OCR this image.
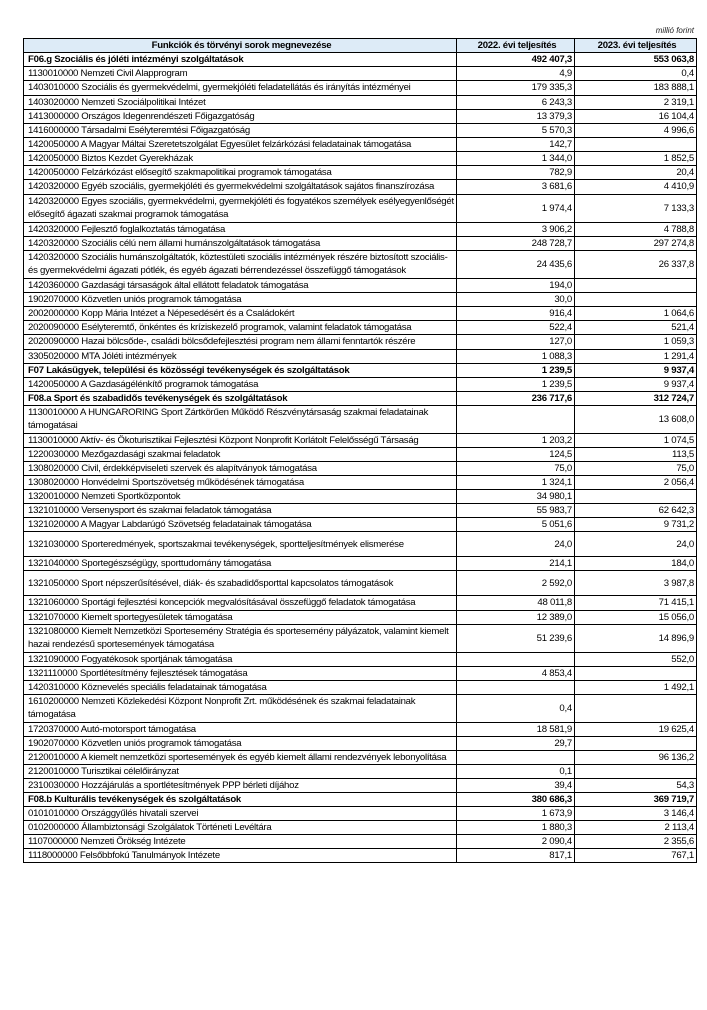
millió forint
Funkciók és törvényi sorok megnevezése	2022. évi teljesítés	2023. évi teljesítés
F06.g Szociális és jóléti intézményi szolgáltatások	492 407,3	553 063,8
1130010000 Nemzeti Civil Alapprogram	4,9	0,4
1403010000 Szociális és gyermekvédelmi, gyermekjóléti feladatellátás és irányítás intézményei	179 335,3	183 888,1
1403020000 Nemzeti Szociálpolitikai Intézet	6 243,3	2 319,1
1413000000 Országos Idegenrendészeti Főigazgatóság	13 379,3	16 104,4
1416000000 Társadalmi Esélyteremtési Főigazgatóság	5 570,3	4 996,6
1420050000 A Magyar Máltai Szeretetszolgálat Egyesület felzárkózási feladatainak támogatása	142,7	
1420050000 Biztos Kezdet Gyerekházak	1 344,0	1 852,5
1420050000 Felzárkózást elősegítő szakmapolitikai programok támogatása	782,9	20,4
1420320000 Egyéb szociális, gyermekjóléti és gyermekvédelmi szolgáltatások sajátos finanszírozása	3 681,6	4 410,9
1420320000 Egyes szociális, gyermekvédelmi, gyermekjóléti és fogyatékos személyek esélyegyenlőségét elősegítő ágazati szakmai programok támogatása	1 974,4	7 133,3
1420320000 Fejlesztő foglalkoztatás támogatása	3 906,2	4 788,8
1420320000 Szociális célú nem állami humánszolgáltatások támogatása	248 728,7	297 274,8
1420320000 Szociális humánszolgáltatók, köztestületi szociális intézmények részére biztosított szociális- és gyermekvédelmi ágazati pótlék, és egyéb ágazati bérrendezéssel összefüggő támogatások	24 435,6	26 337,8
1420360000 Gazdasági társaságok által ellátott feladatok támogatása	194,0	
1902070000 Közvetlen uniós programok támogatása	30,0	
2002000000 Kopp Mária Intézet a Népesedésért és a Családokért	916,4	1 064,6
2020090000 Esélyteremtő, önkéntes és kríziskezelő programok, valamint feladatok támogatása	522,4	521,4
2020090000 Hazai bölcsőde-, családi bölcsődefejlesztési program nem állami fenntartók részére	127,0	1 059,3
3305020000 MTA Jóléti intézmények	1 088,3	1 291,4
F07 Lakásügyek, települési és közösségi tevékenységek és szolgáltatások	1 239,5	9 937,4
1420050000 A Gazdaságélénkítő programok támogatása	1 239,5	9 937,4
F08.a Sport és szabadidős tevékenységek és szolgáltatások	236 717,6	312 724,7
1130010000 A HUNGARORING Sport Zártkörűen Működő Részvénytársaság szakmai feladatainak támogatásai		13 608,0
1130010000 Aktív- és Ökoturisztikai Fejlesztési Központ Nonprofit Korlátolt Felelősségű Társaság	1 203,2	1 074,5
1220030000 Mezőgazdasági szakmai feladatok	124,5	113,5
1308020000 Civil, érdekképviseleti szervek és alapítványok támogatása	75,0	75,0
1308020000 Honvédelmi Sportszövetség működésének támogatása	1 324,1	2 056,4
1320010000 Nemzeti Sportközpontok	34 980,1	
1321010000 Versenysport és szakmai feladatok támogatása	55 983,7	62 642,3
1321020000 A Magyar Labdarúgó Szövetség feladatainak támogatása	5 051,6	9 731,2
1321030000 Sporteredmények, sportszakmai tevékenységek, sportteljesítmények elismerése	24,0	24,0
1321040000 Sportegészségügy, sporttudomány támogatása	214,1	184,0
1321050000 Sport népszerűsítésével, diák- és szabadidősporttal kapcsolatos támogatások	2 592,0	3 987,8
1321060000 Sportági fejlesztési koncepciók megvalósításával összefüggő feladatok támogatása	48 011,8	71 415,1
1321070000 Kiemelt sportegyesületek támogatása	12 389,0	15 056,0
1321080000 Kiemelt Nemzetközi Sportesemény Stratégia és sportesemény pályázatok, valamint kiemelt hazai rendezésű sportesemények támogatása	51 239,6	14 896,9
1321090000 Fogyatékosok sportjának támogatása		552,0
1321110000 Sportlétesítmény fejlesztések támogatása	4 853,4	
1420310000 Köznevelés speciális feladatainak támogatása		1 492,1
1610200000 Nemzeti Közlekedési Központ Nonprofit Zrt. működésének és szakmai feladatainak támogatása	0,4	
1720370000 Autó-motorsport támogatása	18 581,9	19 625,4
1902070000 Közvetlen uniós programok támogatása	29,7	
2120010000 A kiemelt nemzetközi sportesemények és egyéb kiemelt állami rendezvények lebonyolítása		96 136,2
2120010000 Turisztikai célelőirányzat	0,1	
2310030000 Hozzájárulás a sportlétesítmények PPP bérleti díjához	39,4	54,3
F08.b Kulturális tevékenységek és szolgáltatások	380 686,3	369 719,7
0101010000 Országgyűlés hivatali szervei	1 673,9	3 146,4
0102000000 Állambiztonsági Szolgálatok Történeti Levéltára	1 880,3	2 113,4
1107000000 Nemzeti Örökség Intézete	2 090,4	2 355,6
1118000000 Felsőbbfokú Tanulmányok Intézete	817,1	767,1
